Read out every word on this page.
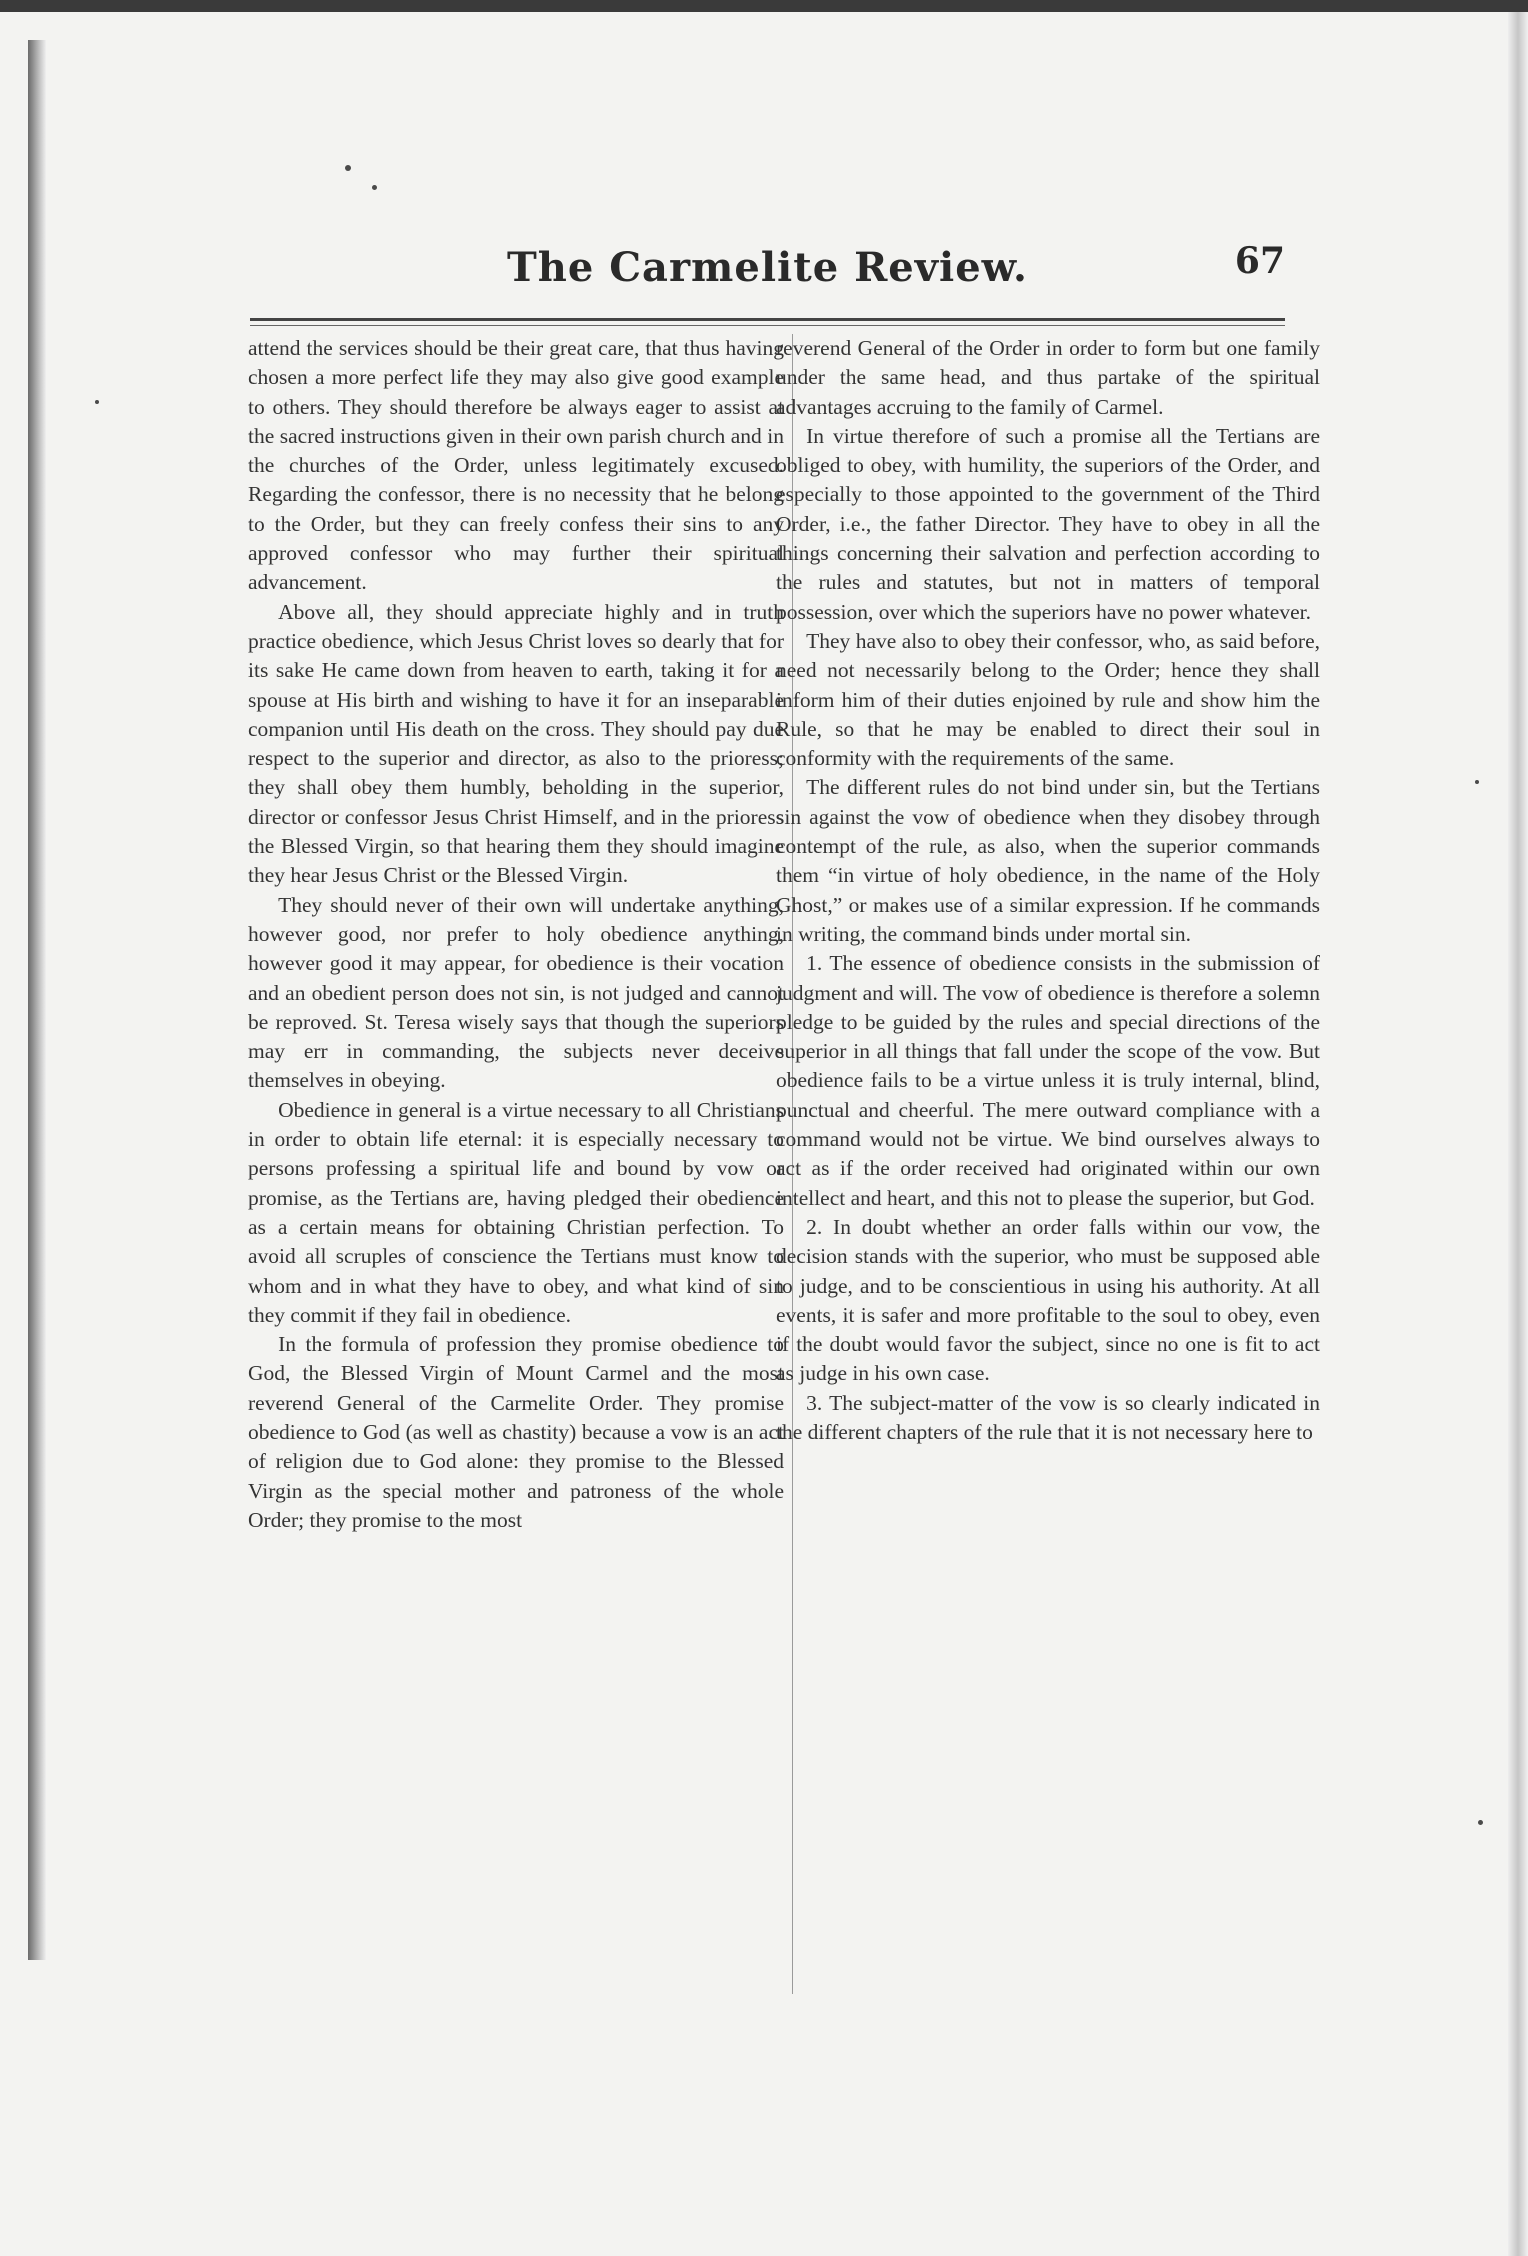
The Carmelite Review.	67

attend the services should be their great care, that thus having chosen a more perfect life they may also give good example to others. They should therefore be always eager to assist at the sacred instructions given in their own parish church and in the churches of the Order, unless legitimately excused. Regarding the confessor, there is no necessity that he belong to the Order, but they can freely confess their sins to any approved confessor who may further their spiritual advancement.

Above all, they should appreciate highly and in truth practice obedience, which Jesus Christ loves so dearly that for its sake He came down from heaven to earth, taking it for a spouse at His birth and wishing to have it for an inseparable companion until His death on the cross. They should pay due respect to the superior and director, as also to the prioress; they shall obey them humbly, beholding in the superior, director or confessor Jesus Christ Himself, and in the prioress the Blessed Virgin, so that hearing them they should imagine they hear Jesus Christ or the Blessed Virgin.

They should never of their own will undertake anything, however good, nor prefer to holy obedience anything, however good it may appear, for obedience is their vocation and an obedient person does not sin, is not judged and cannot be reproved. St. Teresa wisely says that though the superiors may err in commanding, the subjects never deceive themselves in obeying.

Obedience in general is a virtue necessary to all Christians in order to obtain life eternal: it is especially necessary to persons professing a spiritual life and bound by vow or promise, as the Tertians are, having pledged their obedience as a certain means for obtaining Christian perfection. To avoid all scruples of conscience the Tertians must know to whom and in what they have to obey, and what kind of sin they commit if they fail in obedience.

In the formula of profession they promise obedience to God, the Blessed Virgin of Mount Carmel and the most reverend General of the Carmelite Order. They promise obedience to God (as well as chastity) because a vow is an act of religion due to God alone: they promise to the Blessed Virgin as the special mother and patroness of the whole Order; they promise to the most

reverend General of the Order in order to form but one family under the same head, and thus partake of the spiritual advantages accruing to the family of Carmel.

In virtue therefore of such a promise all the Tertians are obliged to obey, with humility, the superiors of the Order, and especially to those appointed to the government of the Third Order, i.e., the father Director. They have to obey in all the things concerning their salvation and perfection according to the rules and statutes, but not in matters of temporal possession, over which the superiors have no power whatever.

They have also to obey their confessor, who, as said before, need not necessarily belong to the Order; hence they shall inform him of their duties enjoined by rule and show him the Rule, so that he may be enabled to direct their soul in conformity with the requirements of the same.

The different rules do not bind under sin, but the Tertians sin against the vow of obedience when they disobey through contempt of the rule, as also, when the superior commands them “in virtue of holy obedience, in the name of the Holy Ghost,” or makes use of a similar expression. If he commands in writing, the command binds under mortal sin.

1. The essence of obedience consists in the submission of judgment and will. The vow of obedience is therefore a solemn pledge to be guided by the rules and special directions of the superior in all things that fall under the scope of the vow. But obedience fails to be a virtue unless it is truly internal, blind, punctual and cheerful. The mere outward compliance with a command would not be virtue. We bind ourselves always to act as if the order received had originated within our own intellect and heart, and this not to please the superior, but God.

2. In doubt whether an order falls within our vow, the decision stands with the superior, who must be supposed able to judge, and to be conscientious in using his authority. At all events, it is safer and more profitable to the soul to obey, even if the doubt would favor the subject, since no one is fit to act as judge in his own case.

3. The subject-matter of the vow is so clearly indicated in the different chapters of the rule that it is not necessary here to
